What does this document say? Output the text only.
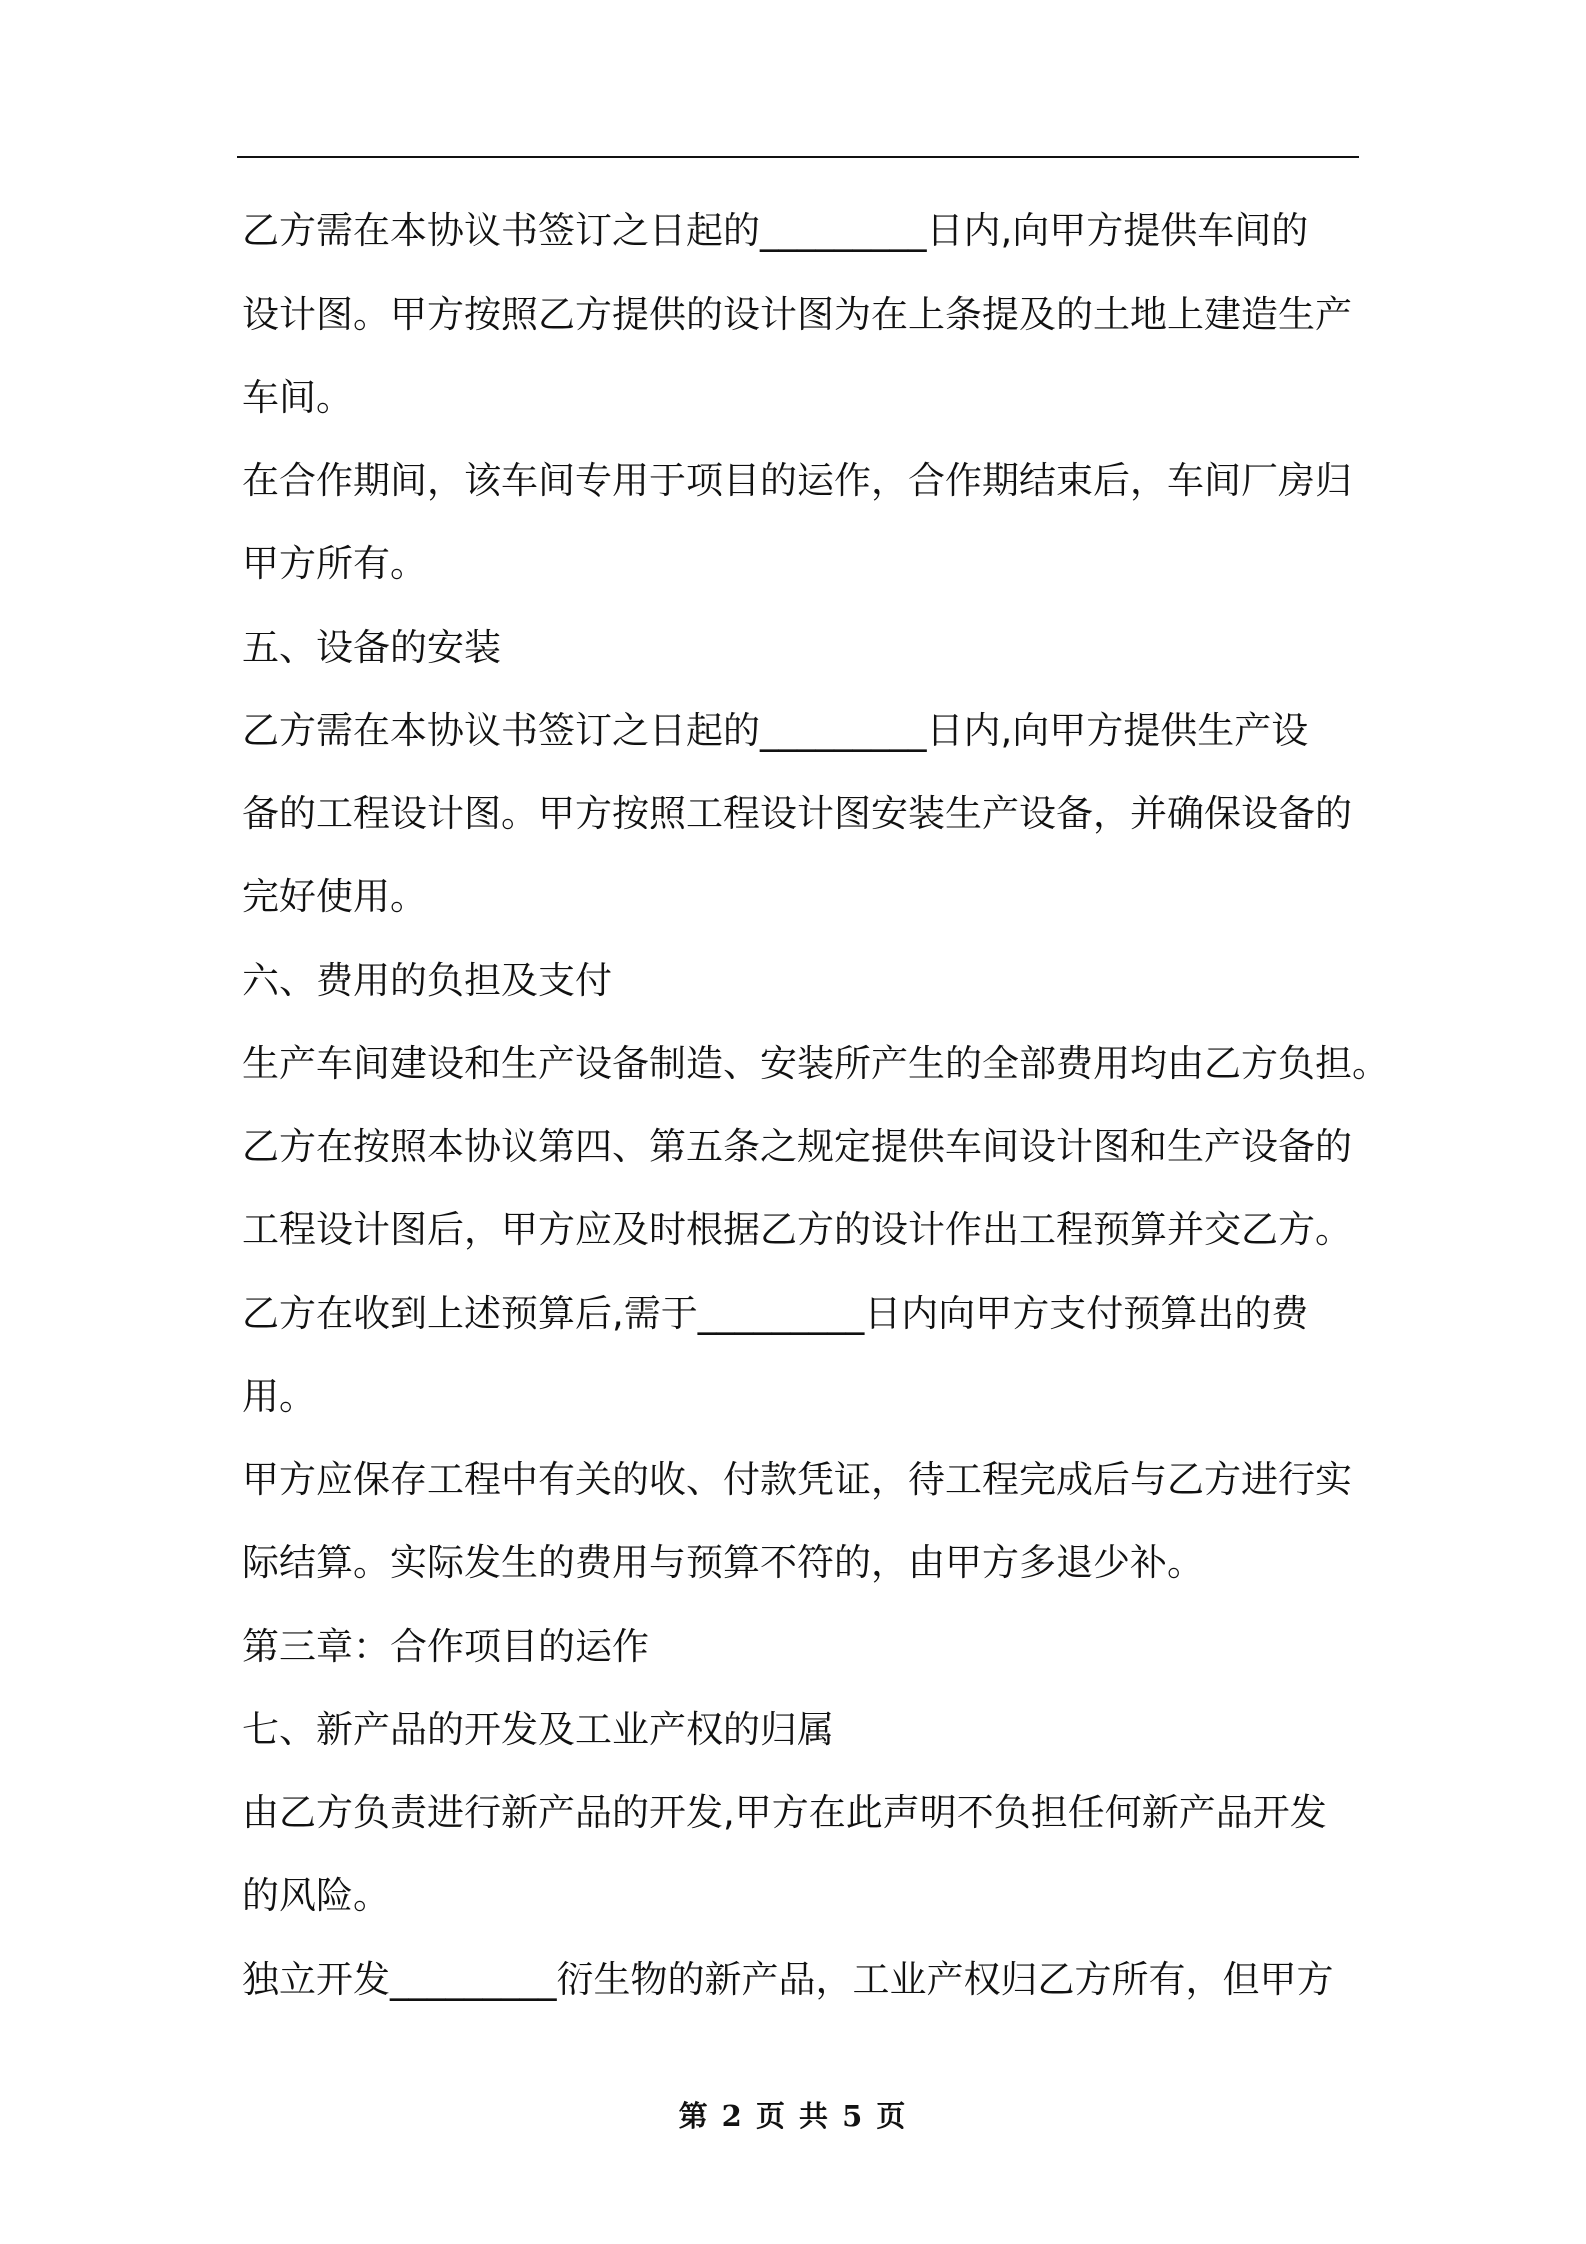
乙方需在本协议书签订之日起的_________日内,向甲方提供车间的
设计图。甲方按照乙方提供的设计图为在上条提及的土地上建造生产
车间。
在合作期间，该车间专用于项目的运作，合作期结束后，车间厂房归
甲方所有。
五、设备的安装
乙方需在本协议书签订之日起的_________日内,向甲方提供生产设
备的工程设计图。甲方按照工程设计图安装生产设备，并确保设备的
完好使用。
六、费用的负担及支付
生产车间建设和生产设备制造、安装所产生的全部费用均由乙方负担。
乙方在按照本协议第四、第五条之规定提供车间设计图和生产设备的
工程设计图后，甲方应及时根据乙方的设计作出工程预算并交乙方。
乙方在收到上述预算后,需于_________日内向甲方支付预算出的费
用。
甲方应保存工程中有关的收、付款凭证，待工程完成后与乙方进行实
际结算。实际发生的费用与预算不符的，由甲方多退少补。
第三章：合作项目的运作
七、新产品的开发及工业产权的归属
由乙方负责进行新产品的开发,甲方在此声明不负担任何新产品开发
的风险。
独立开发_________衍生物的新产品，工业产权归乙方所有，但甲方
第 2 页 共 5 页
